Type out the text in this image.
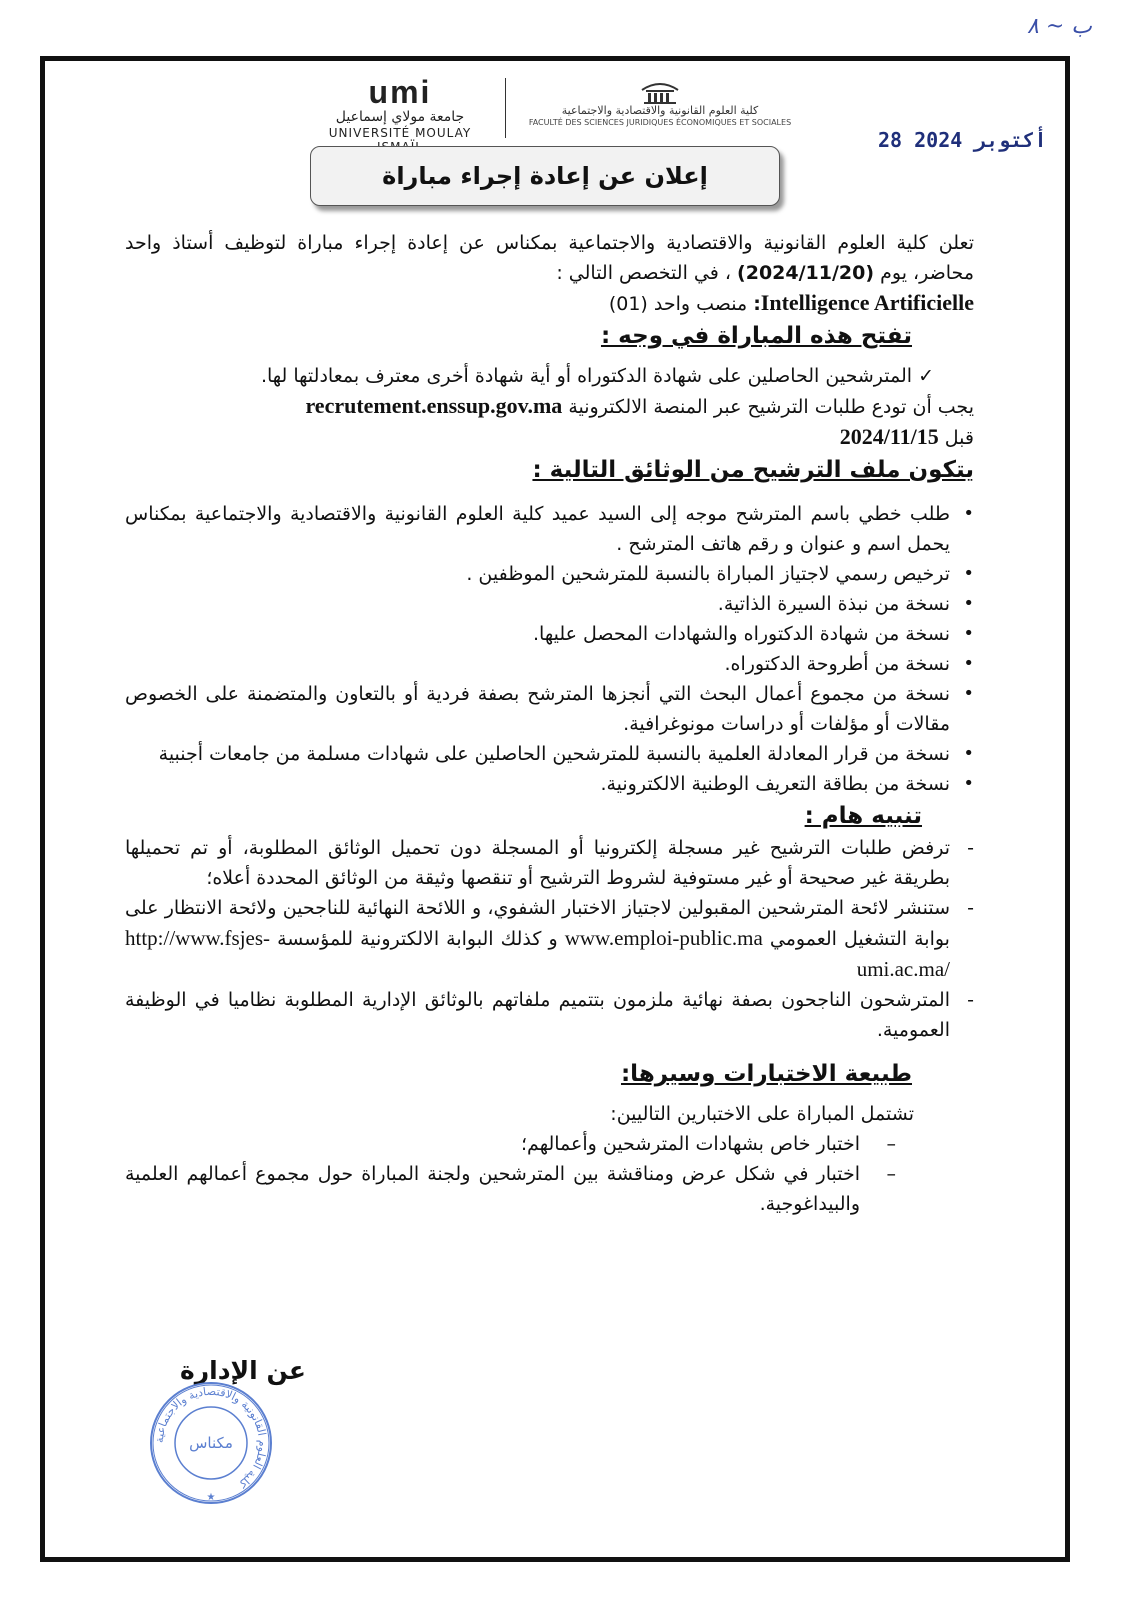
ب ~ ٨
umi
جامعة مولاي إسماعيل
UNIVERSITÉ MOULAY
كلية العلوم القانونية والاقتصادية والاجتماعية
FACULTÉ DES SCIENCES JURIDIQUES ÉCONOMIQUES ET SOCIALES
28 أكتوبر 2024
إعلان عن إعادة إجراء مباراة

تعلن كلية العلوم القانونية والاقتصادية والاجتماعية بمكناس عن إعادة إجراء مباراة لتوظيف أستاذ واحد محاضر، يوم (2024/11/20) ، في التخصص التالي :

Intelligence Artificielle: منصب واحد (01)

تفتح هذه المباراة في وجه :

✓ المترشحين الحاصلين على شهادة الدكتوراه أو أية شهادة أخرى معترف بمعادلتها لها.

يجب أن تودع طلبات الترشيح عبر المنصة الالكترونية recrutement.enssup.gov.ma

قبل 2024/11/15

يتكون ملف الترشيح من الوثائق التالية :
• طلب خطي باسم المترشح موجه إلى السيد عميد كلية العلوم القانونية والاقتصادية والاجتماعية بمكناس يحمل اسم و عنوان و رقم هاتف المترشح .
• ترخيص رسمي لاجتياز المباراة بالنسبة للمترشحين الموظفين .
• نسخة من نبذة السيرة الذاتية.
• نسخة من شهادة الدكتوراه والشهادات المحصل عليها.
• نسخة من أطروحة الدكتوراه.
• نسخة من مجموع أعمال البحث التي أنجزها المترشح بصفة فردية أو بالتعاون والمتضمنة على الخصوص مقالات أو مؤلفات أو دراسات مونوغرافية.
• نسخة من قرار المعادلة العلمية بالنسبة للمترشحين الحاصلين على شهادات مسلمة من جامعات أجنبية
• نسخة من بطاقة التعريف الوطنية الالكترونية.
تنبيه هام :
- ترفض طلبات الترشيح غير مسجلة إلكترونيا أو المسجلة دون تحميل الوثائق المطلوبة، أو تم تحميلها بطريقة غير صحيحة أو غير مستوفية لشروط الترشيح أو تنقصها وثيقة من الوثائق المحددة أعلاه؛
- ستنشر لائحة المترشحين المقبولين لاجتياز الاختبار الشفوي، و اللائحة النهائية للناجحين ولائحة الانتظار على بوابة التشغيل العمومي www.emploi-public.ma و كذلك البوابة الالكترونية للمؤسسة http://www.fsjes-umi.ac.ma/
- المترشحون الناجحون بصفة نهائية ملزمون بتتميم ملفاتهم بالوثائق الإدارية المطلوبة نظاميا في الوظيفة العمومية.
طبيعة الاختبارات وسيرها:

تشتمل المباراة على الاختبارين التاليين:

– اختبار خاص بشهادات المترشحين وأعمالهم؛

– اختبار في شكل عرض ومناقشة بين المترشحين ولجنة المباراة حول مجموع أعمالهم العلمية والبيداغوجية.

عن الإدارة
كلية العلوم القانونية والاقتصادية والاجتماعية
مكناس
★
